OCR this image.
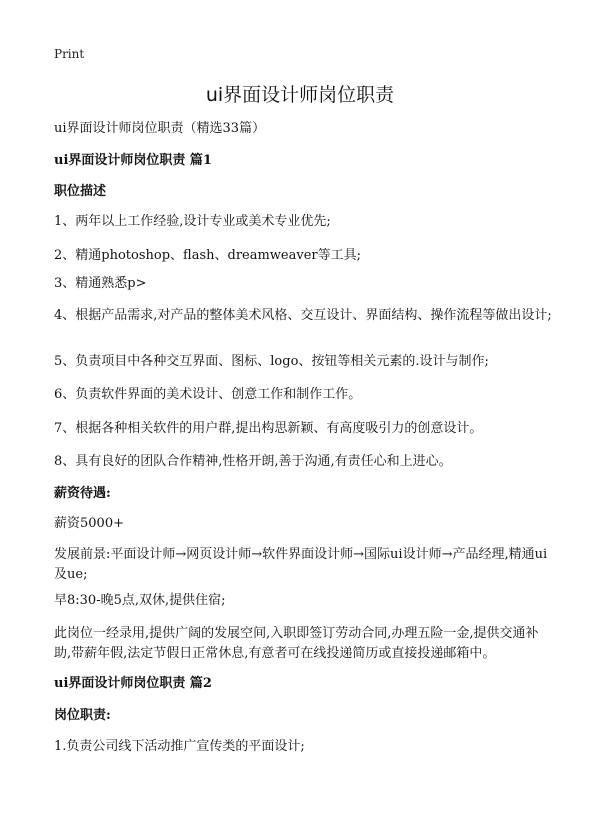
Print
ui界面设计师岗位职责
ui界面设计师岗位职责（精选33篇）
ui界面设计师岗位职责 篇1
职位描述
1、两年以上工作经验,设计专业或美术专业优先;
2、精通photoshop、flash、dreamweaver等工具;
3、精通熟悉p>
4、根据产品需求,对产品的整体美术风格、交互设计、界面结构、操作流程等做出设计;
5、负责项目中各种交互界面、图标、logo、按钮等相关元素的.设计与制作;
6、负责软件界面的美术设计、创意工作和制作工作。
7、根据各种相关软件的用户群,提出构思新颖、有高度吸引力的创意设计。
8、具有良好的团队合作精神,性格开朗,善于沟通,有责任心和上进心。
薪资待遇:
薪资5000+
发展前景:平面设计师→网页设计师→软件界面设计师→国际ui设计师→产品经理,精通ui及ue;
早8:30-晚5点,双休,提供住宿;
此岗位一经录用,提供广阔的发展空间,入职即签订劳动合同,办理五险一金,提供交通补助,带薪年假,法定节假日正常休息,有意者可在线投递简历或直接投递邮箱中。
ui界面设计师岗位职责 篇2
岗位职责:
1.负责公司线下活动推广宣传类的平面设计;
